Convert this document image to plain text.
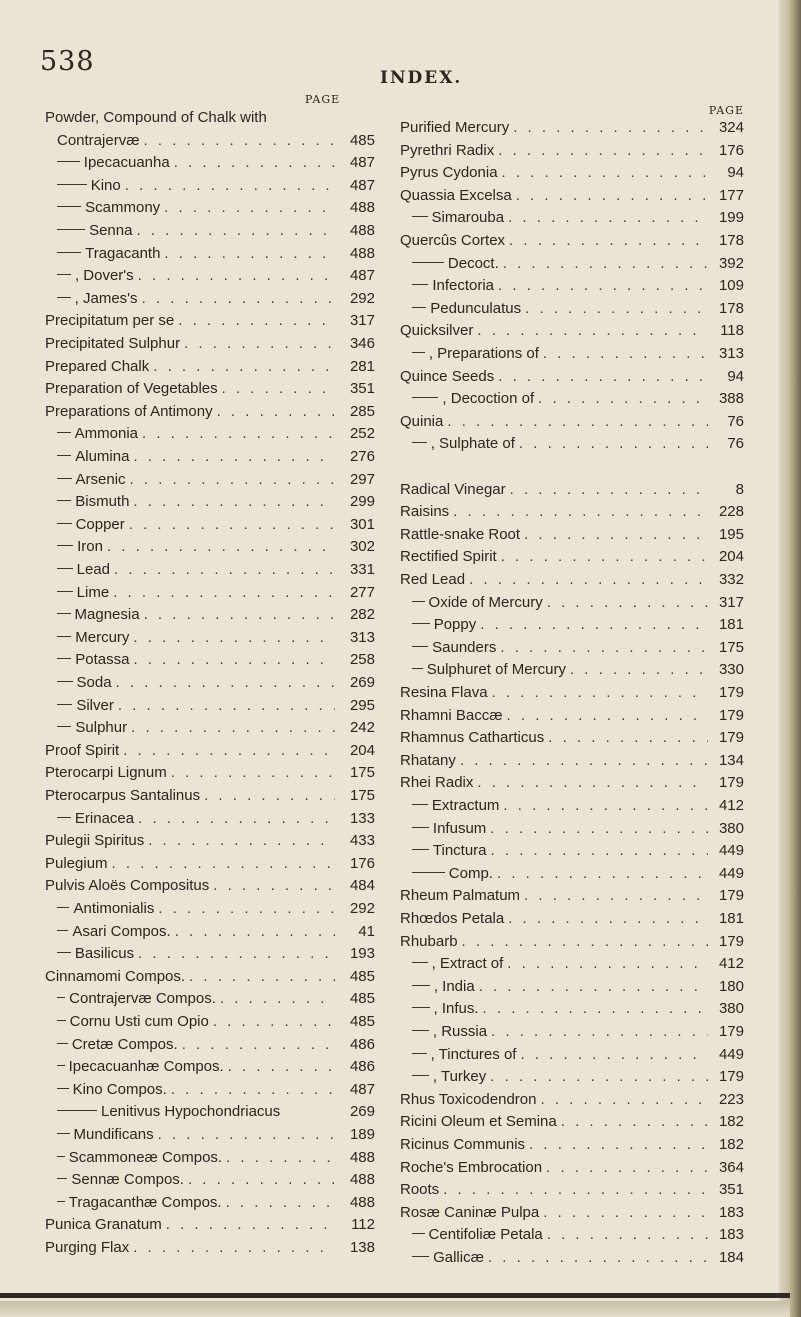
538
INDEX.
PAGE
Powder, Compound of Chalk with
Contrajervæ . . .	485
Ipecacuanha . . .	487
Kino . . .	487
Scammony . . .	488
Senna . . .	488
Tragacanth . . .	488
, Dover's . . .	487
, James's . . .	292
Precipitatum per se . . .	317
Precipitated Sulphur . . .	346
Prepared Chalk . . .	281
Preparation of Vegetables . . .	351
Preparations of Antimony . . .	285
Ammonia . . .	252
Alumina . . .	276
Arsenic . . .	297
Bismuth . . .	299
Copper . . .	301
Iron . . .	302
Lead . . .	331
Lime . . .	277
Magnesia . . .	282
Mercury . . .	313
Potassa . . .	258
Soda . . .	269
Silver . . .	295
Sulphur . . .	242
Proof Spirit . . .	204
Pterocarpi Lignum . . .	175
Pterocarpus Santalinus . . .	175
Erinacea . . .	133
Pulegii Spiritus . . .	433
Pulegium . . .	176
Pulvis Aloës Compositus . . .	484
Antimonialis . . .	292
Asari Compos. . . .	41
Basilicus . . .	193
Cinnamomi Compos. . . .	485
Contrajervæ Compos. . . .	485
Cornu Usti cum Opio . . .	485
Cretæ Compos. . . .	486
Ipecacuanhæ Compos. . . .	486
Kino Compos. . . .	487
Lenitivus Hypochondriacus	269
Mundificans . . .	189
Scammoneæ Compos. . . .	488
Sennæ Compos. . . .	488
Tragacanthæ Compos. . . .	488
Punica Granatum . . .	112
Purging Flax . . .	138
PAGE
Purified Mercury . . .	324
Pyrethri Radix . . .	176
Pyrus Cydonia . . .	94
Quassia Excelsa . . .	177
Simarouba . . .	199
Quercûs Cortex . . .	178
Decoct. . . .	392
Infectoria . . .	109
Pedunculatus . . .	178
Quicksilver . . .	118
, Preparations of . . .	313
Quince Seeds . . .	94
, Decoction of . . .	388
Quinia . . .	76
, Sulphate of . . .	76
Radical Vinegar . . .	8
Raisins . . .	228
Rattle-snake Root . . .	195
Rectified Spirit . . .	204
Red Lead . . .	332
Oxide of Mercury . . .	317
Poppy . . .	181
Saunders . . .	175
Sulphuret of Mercury . . .	330
Resina Flava . . .	179
Rhamni Baccæ . . .	179
Rhamnus Catharticus . . .	179
Rhatany . . .	134
Rhei Radix . . .	179
Extractum . . .	412
Infusum . . .	380
Tinctura . . .	449
Comp. . . .	449
Rheum Palmatum . . .	179
Rhœdos Petala . . .	181
Rhubarb . . .	179
, Extract of . . .	412
, India . . .	180
, Infus. . . .	380
, Russia . . .	179
, Tinctures of . . .	449
, Turkey . . .	179
Rhus Toxicodendron . . .	223
Ricini Oleum et Semina . . .	182
Ricinus Communis . . .	182
Roche's Embrocation . . .	364
Roots . . .	351
Rosæ Caninæ Pulpa . . .	183
Centifoliæ Petala . . .	183
Gallicæ . . .	184
